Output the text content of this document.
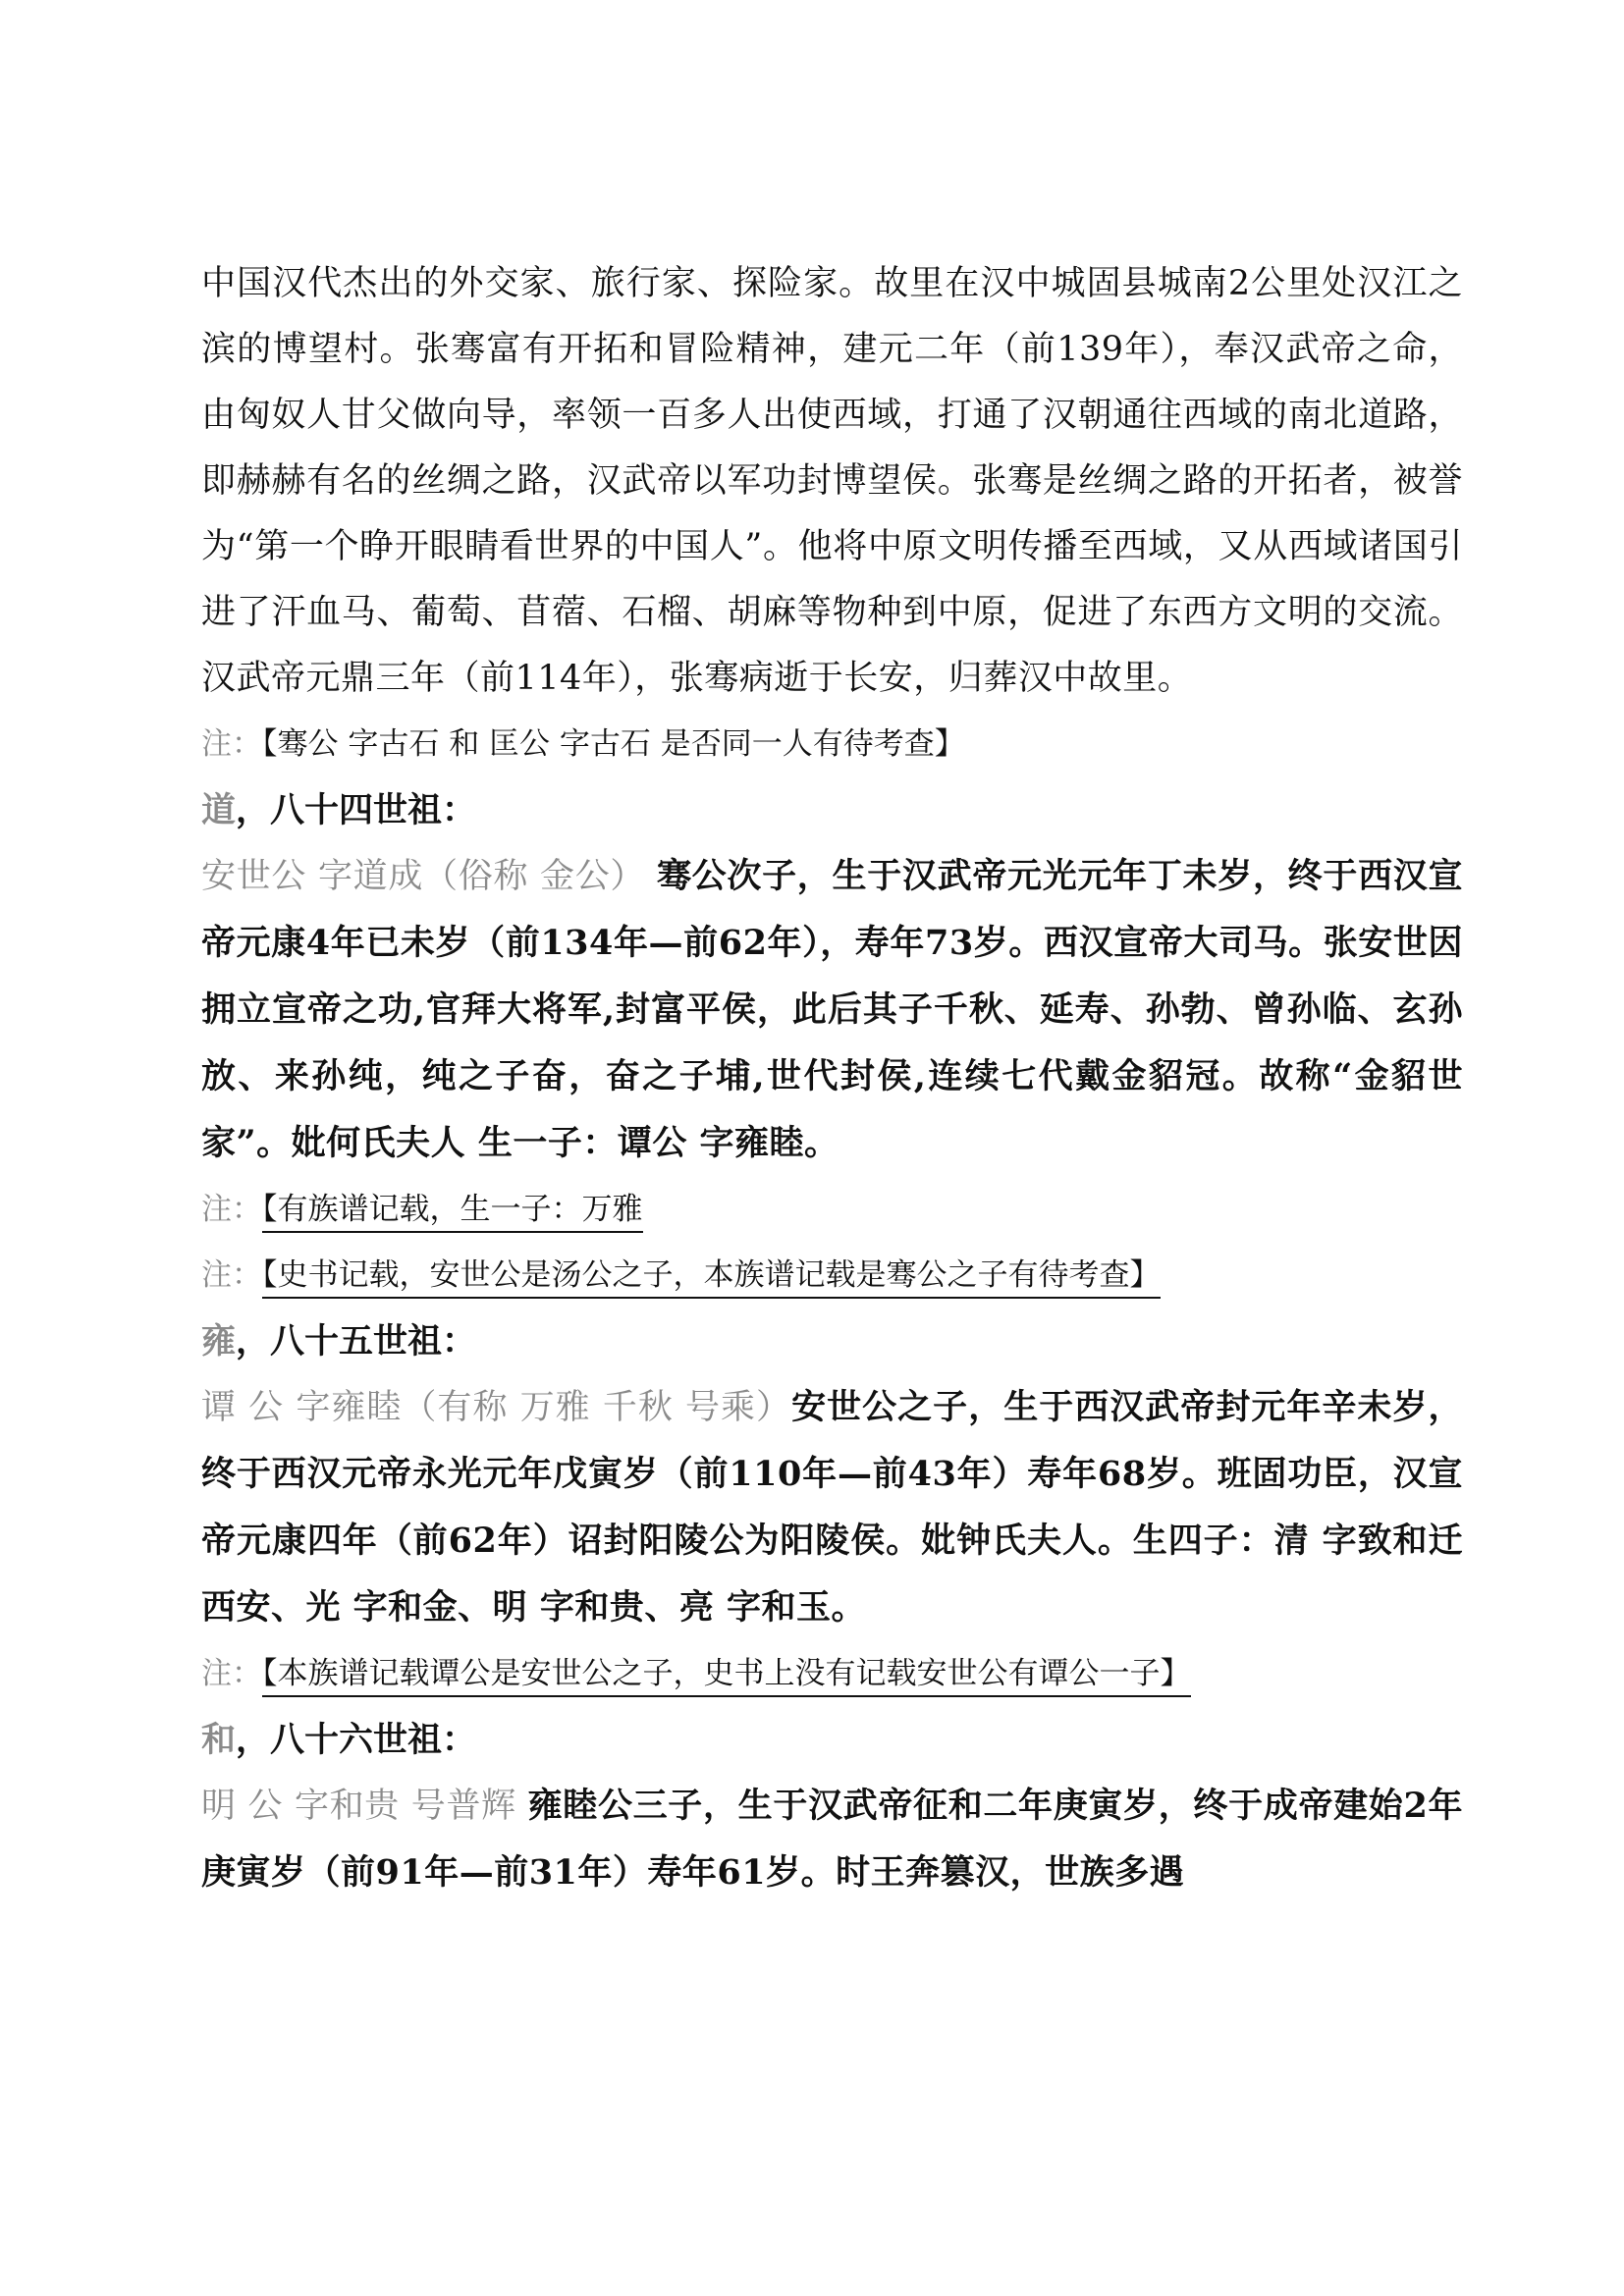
中国汉代杰出的外交家、旅行家、探险家。故里在汉中城固县城南2公里处汉江之滨的博望村。张骞富有开拓和冒险精神，建元二年（前139年），奉汉武帝之命，由匈奴人甘父做向导，率领一百多人出使西域，打通了汉朝通往西域的南北道路，即赫赫有名的丝绸之路，汉武帝以军功封博望侯。张骞是丝绸之路的开拓者，被誉为“第一个睁开眼睛看世界的中国人”。他将中原文明传播至西域，又从西域诸国引进了汗血马、葡萄、苜蓿、石榴、胡麻等物种到中原，促进了东西方文明的交流。 汉武帝元鼎三年（前114年），张骞病逝于长安，归葬汉中故里。

注：【骞公 字古石 和 匡公 字古石 是否同一人有待考查】

道，八十四世祖：

安世公 字道成（俗称 金公） 骞公次子，生于汉武帝元光元年丁未岁，终于西汉宣帝元康4年已未岁（前134年—前62年），寿年73岁。西汉宣帝大司马。张安世因拥立宣帝之功,官拜大将军,封富平侯，此后其子千秋、延寿、孙勃、曾孙临、玄孙放、来孙纯，纯之子奋，奋之子埔,世代封侯,连续七代戴金貂冠。故称“金貂世家”。妣何氏夫人 生一子：谭公 字雍睦。

注：【有族谱记载，生一子：万雅

注：【史书记载，安世公是汤公之子，本族谱记载是骞公之子有待考查】

雍，八十五世祖：

谭 公 字雍睦（有称 万雅 千秋 号乘）安世公之子，生于西汉武帝封元年辛未岁，终于西汉元帝永光元年戊寅岁（前110年—前43年）寿年68岁。班固功臣，汉宣帝元康四年（前62年）诏封阳陵公为阳陵侯。妣钟氏夫人。生四子：清 字致和迁西安、光 字和金、明 字和贵、亮 字和玉。

注：【本族谱记载谭公是安世公之子，史书上没有记载安世公有谭公一子】

和，八十六世祖：

明 公 字和贵 号普辉 雍睦公三子，生于汉武帝征和二年庚寅岁，终于成帝建始2年庚寅岁（前91年—前31年）寿年61岁。时王奔篡汉，世族多遇
